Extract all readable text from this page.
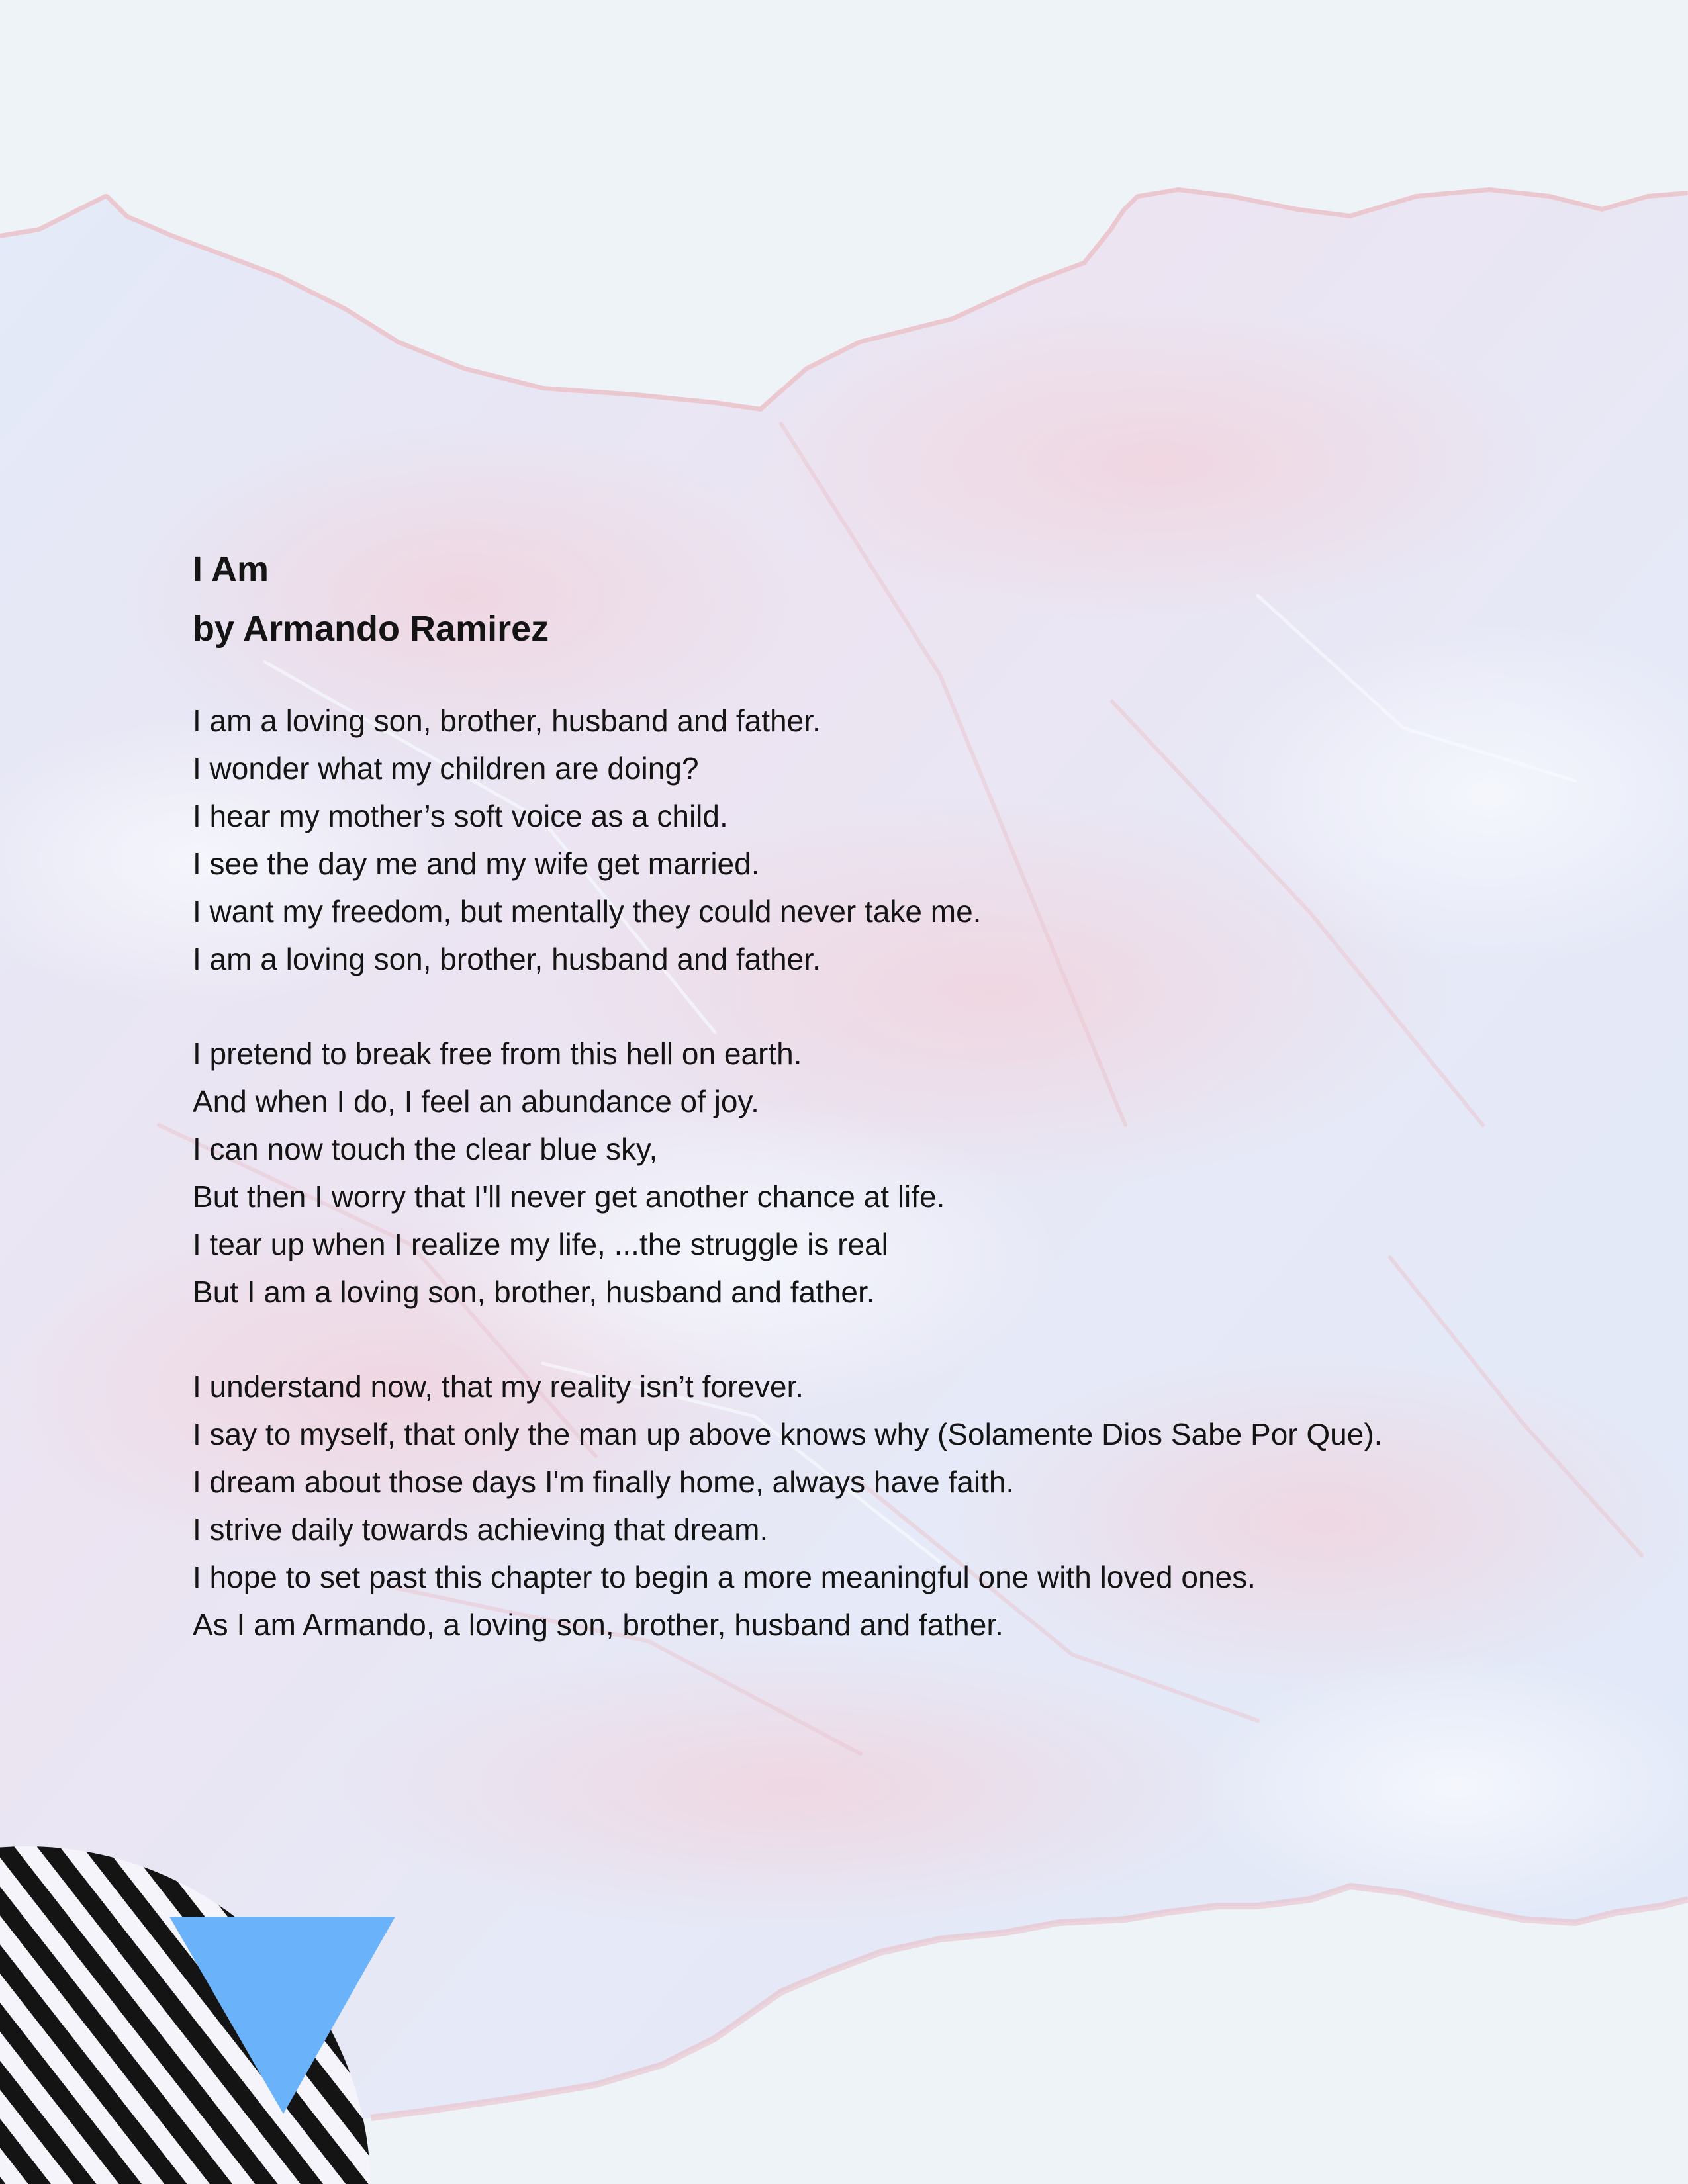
I Am

by Armando Ramirez

I am a loving son, brother, husband and father.
I wonder what my children are doing?
I hear my mother’s soft voice as a child.
I see the day me and my wife get married.
I want my freedom, but mentally they could never take me.
I am a loving son, brother, husband and father.
I pretend to break free from this hell on earth.
And when I do, I feel an abundance of joy.
I can now touch the clear blue sky,
But then I worry that I'll never get another chance at life.
I tear up when I realize my life, ...the struggle is real
But I am a loving son, brother, husband and father.
I understand now, that my reality isn’t forever.
I say to myself, that only the man up above knows why (Solamente Dios Sabe Por Que).
I dream about those days I'm finally home, always have faith.
I strive daily towards achieving that dream.
I hope to set past this chapter to begin a more meaningful one with loved ones.
As I am Armando, a loving son, brother, husband and father.
